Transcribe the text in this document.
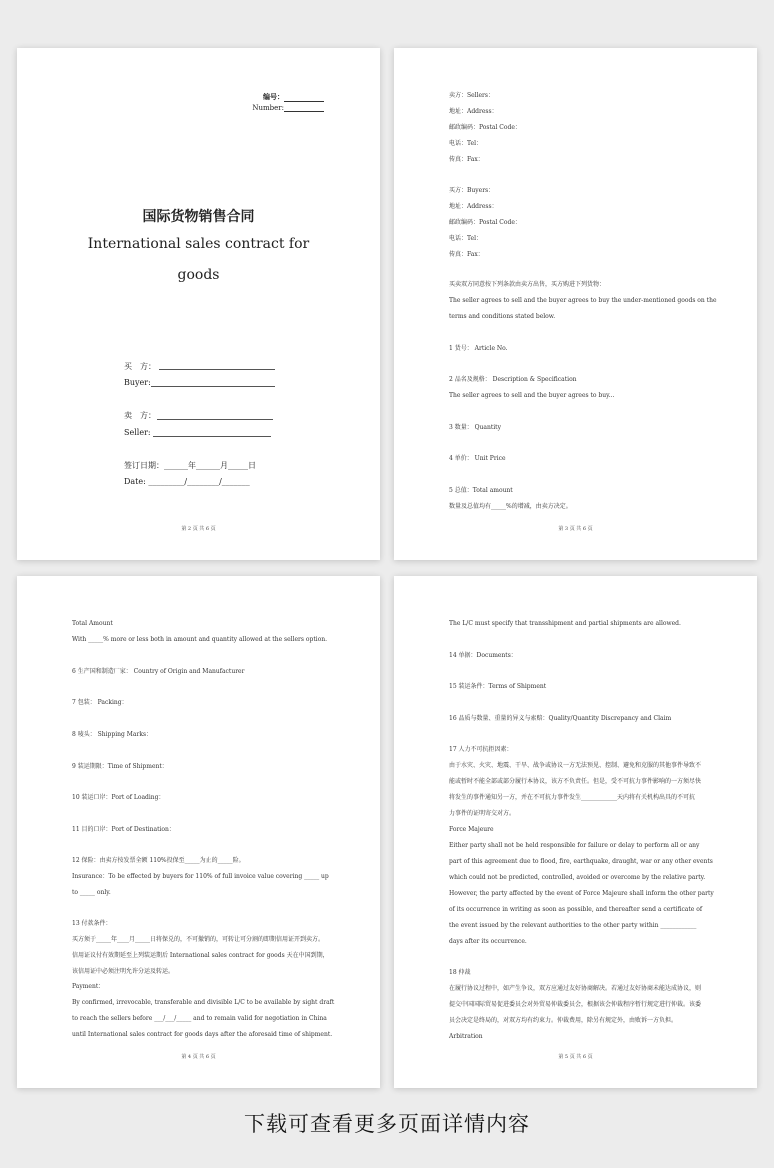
编号：
Number:
国际货物销售合同
International sales contract for
goods
买　方：
Buyer:
卖　方：
Seller:
签订日期：______年______月_____日
Date: _________/________/_______
第 2 页 共 6 页
卖方：Sellers：
地址：Address：
邮政编码：Postal Code：
电话：Tel：
传真：Fax：
买方：Buyers：
地址：Address：
邮政编码：Postal Code：
电话：Tel：
传真：Fax：
买卖双方同意按下列条款由卖方出售，买方购进下列货物：
The seller agrees to sell and the buyer agrees to buy the under-mentioned goods on the
terms and conditions stated below.
1 货号： Article No.
2 品名及规格： Description & Specification
The seller agrees to sell and the buyer agrees to buy...
3 数量： Quantity
4 单价： Unit Price
5 总值：Total amount
数量及总值均有_____%的增减，由卖方决定。
第 3 页 共 6 页
Total Amount
With _____% more or less both in amount and quantity allowed at the sellers option.
6 生产国和制造厂家： Country of Origin and Manufacturer
7 包装： Packing：
8 唛头： Shipping Marks：
9 装运期限：Time of Shipment：
10 装运口岸：Port of Loading：
11 目的口岸：Port of Destination：
12 保险：由卖方按发票全额 110%投保至_____为止的_____险。
Insurance：To be effected by buyers for 110% of full invoice value covering _____ up
to _____ only.
13 付款条件：
买方须于_____年____月_____日将保兑的，不可撤销的，可转让可分割的即期信用证开到卖方。
信用证议付有效期延至上列装运期后 International sales contract for goods 天在中国到期，
该信用证中必须注明允许分运及转运。
Payment：
By confirmed, irrevocable, transferable and divisible L/C to be available by sight draft
to reach the sellers before ___/___/_____ and to remain valid for negotiation in China
until International sales contract for goods days after the aforesaid time of shipment.
第 4 页 共 6 页
The L/C must specify that transshipment and partial shipments are allowed.
14 单据：Documents：
15 装运条件：Terms of Shipment
16 品质与数量、重量的异义与索赔：Quality/Quantity Discrepancy and Claim
17 人力不可抗拒因素：
由于水灾、火灾、地震、干旱、战争或协议一方无法预见、控制、避免和克服的其他事件导致不
能或暂时不能全部或部分履行本协议，该方不负责任。但是，受不可抗力事件影响的一方须尽快
将发生的事件通知另一方，并在不可抗力事件发生____________天内将有关机构出具的不可抗
力事件的证明寄交对方。
Force Majeure
Either party shall not be held responsible for failure or delay to perform all or any
part of this agreement due to flood, fire, earthquake, draught, war or any other events
which could not be predicted, controlled, avoided or overcome by the relative party.
However, the party affected by the event of Force Majeure shall inform the other party
of its occurrence in writing as soon as possible, and thereafter send a certificate of
the event issued by the relevant authorities to the other party within ____________
days after its occurrence.
18 仲裁
在履行协议过程中，如产生争议，双方应通过友好协商解决。若通过友好协商未能达成协议，则
提交中国国际贸易促进委员会对外贸易仲裁委员会，根据该会仲裁程序暂行规定进行仲裁。该委
员会决定是终局的，对双方均有约束力。仲裁费用，除另有规定外，由败诉一方负担。
Arbitration
第 5 页 共 6 页
下载可查看更多页面详情内容
